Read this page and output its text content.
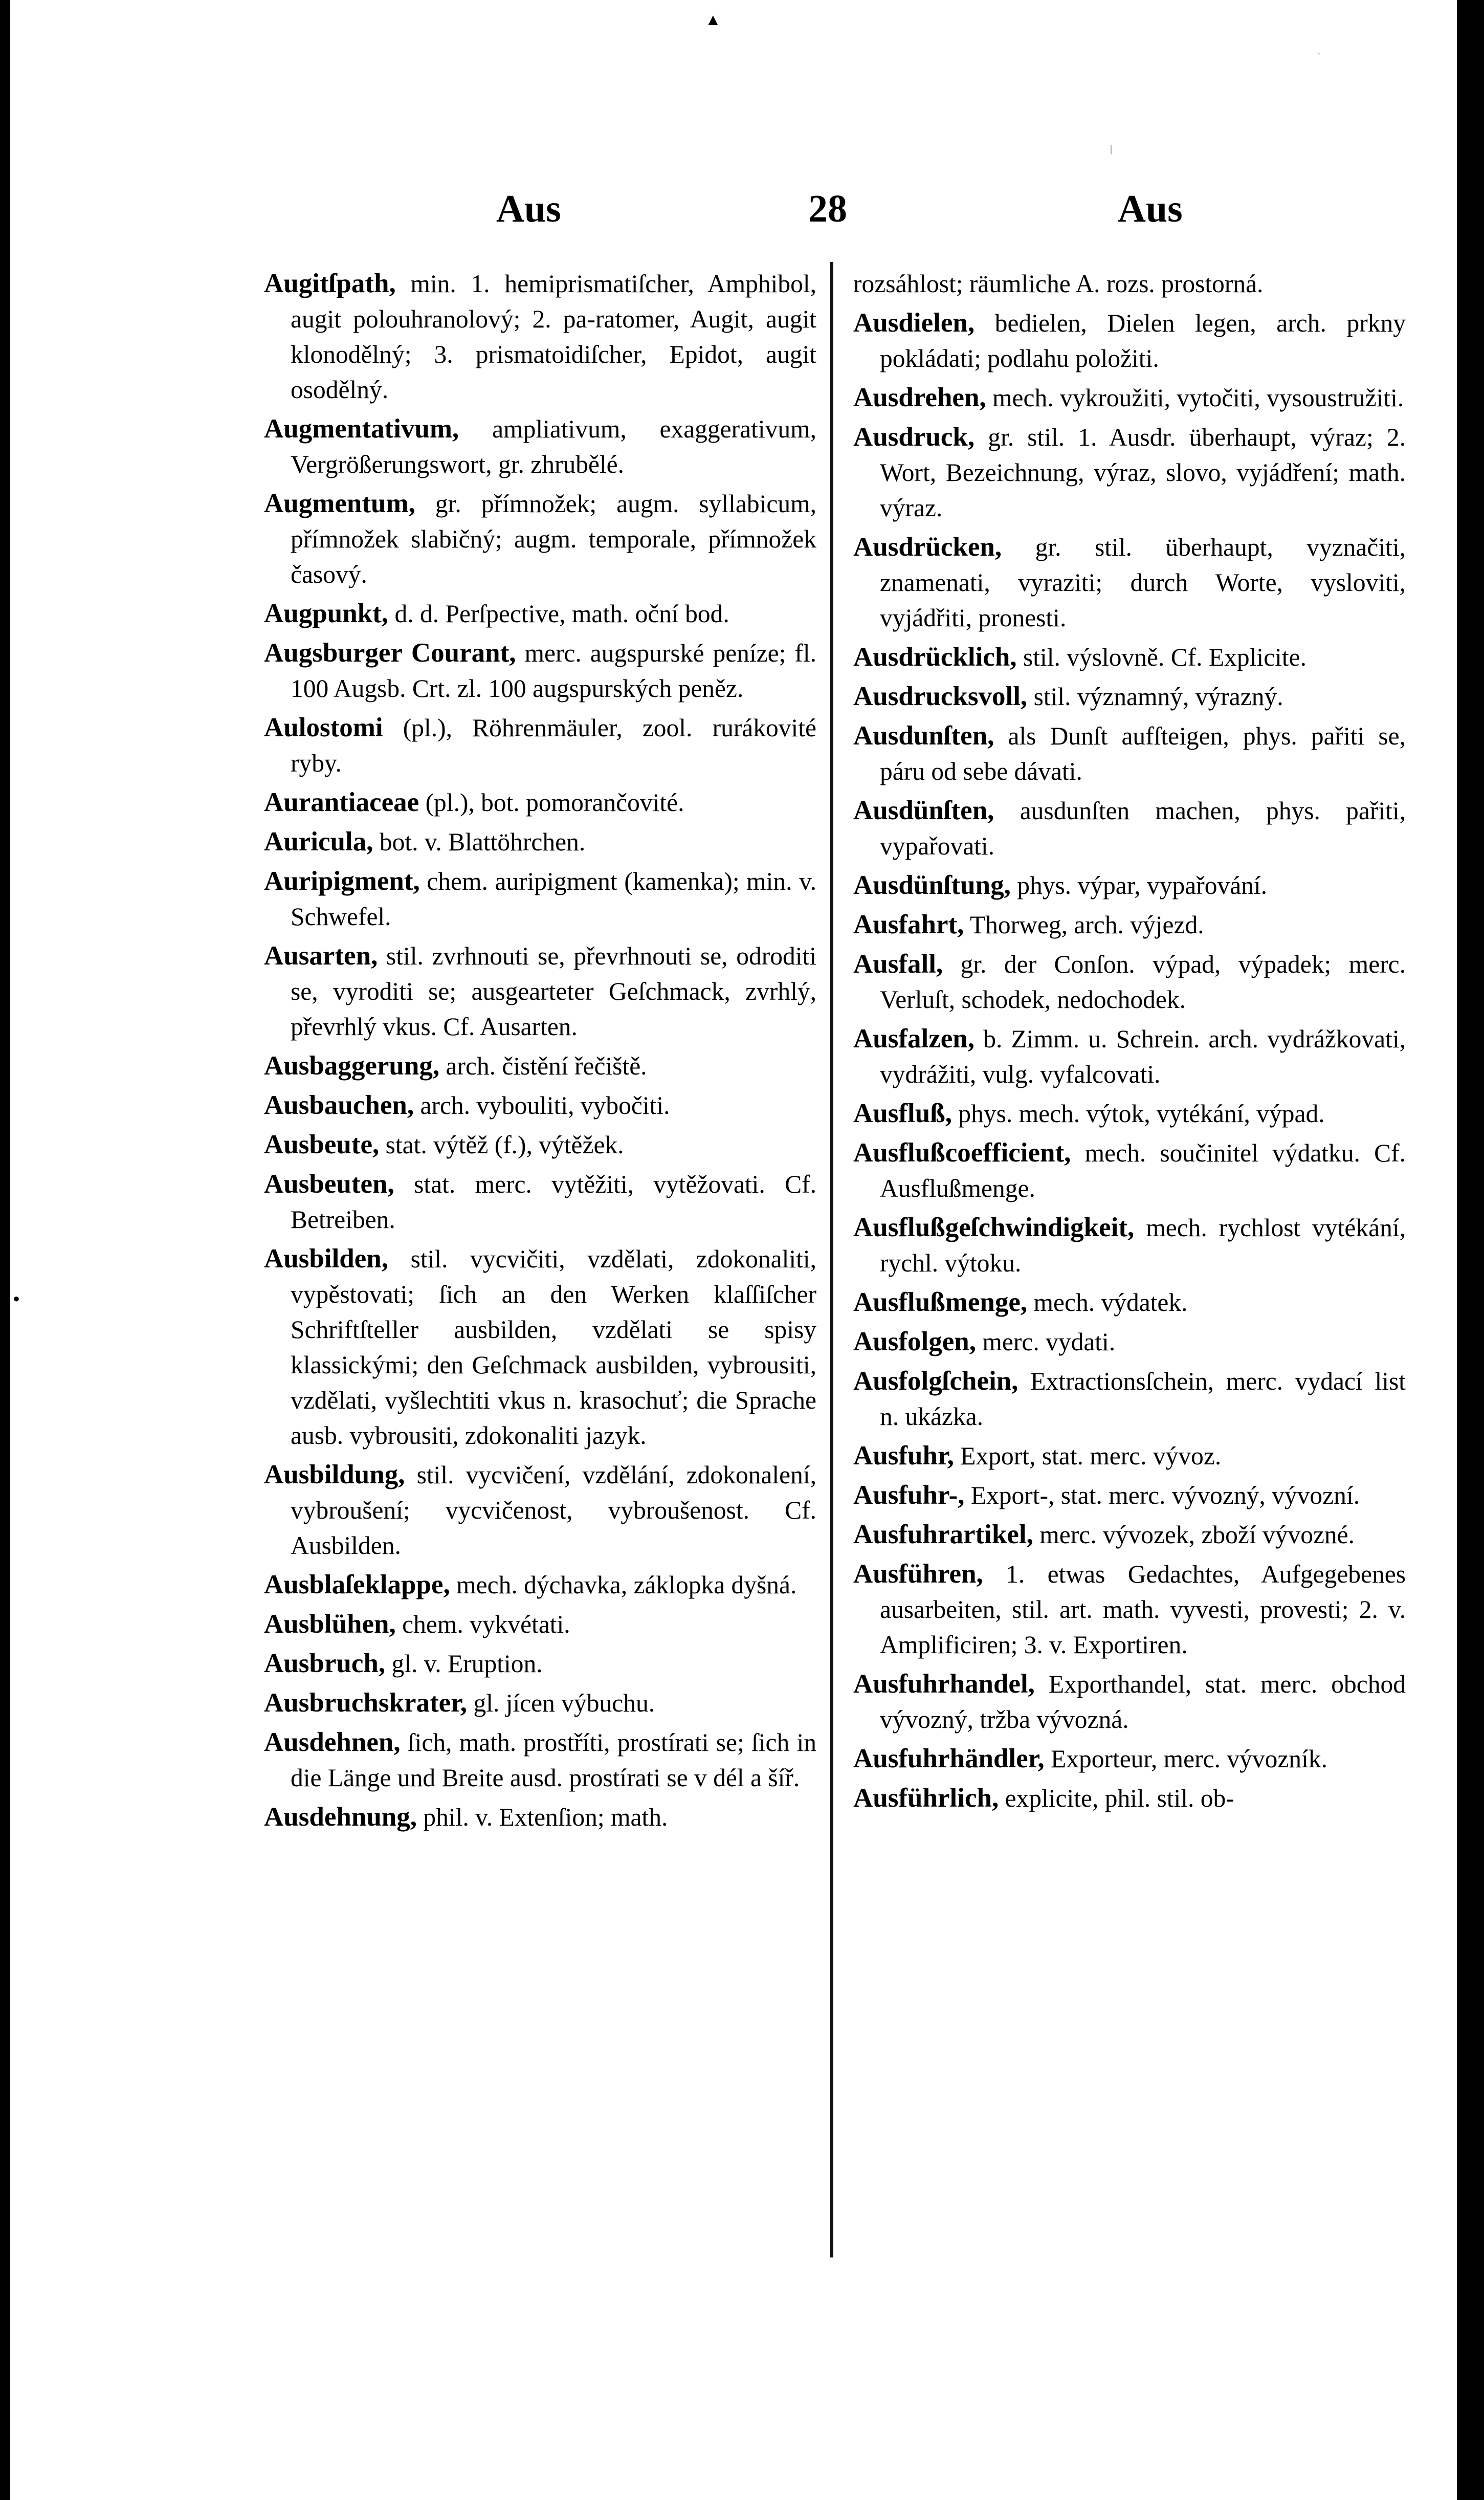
▲
·
|
Aus	28	Aus
•

Augitſpath, min. 1. hemiprismatiſcher, Amphibol, augit polouhranolový; 2. pa-ratomer, Augit, augit klonodělný; 3. prismatoidiſcher, Epidot, augit osodělný.

Augmentativum, ampliativum, exaggerativum, Vergrößerungswort, gr. zhrubělé.

Augmentum, gr. přímnožek; augm. syllabicum, přímnožek slabičný; augm. temporale, přímnožek časový.

Augpunkt, d. d. Perſpective, math. oční bod.

Augsburger Courant, merc. augspurské peníze; fl. 100 Augsb. Crt. zl. 100 augspurských peněz.

Aulostomi (pl.), Röhrenmäuler, zool. rurákovité ryby.

Aurantiaceae (pl.), bot. pomorančovité.

Auricula, bot. v. Blattöhrchen.

Auripigment, chem. auripigment (kamenka); min. v. Schwefel.

Ausarten, stil. zvrhnouti se, převrhnouti se, odroditi se, vyroditi se; ausgearteter Geſchmack, zvrhlý, převrhlý vkus. Cf. Ausarten.

Ausbaggerung, arch. čistění řečiště.

Ausbauchen, arch. vybouliti, vybočiti.

Ausbeute, stat. výtěž (f.), výtěžek.

Ausbeuten, stat. merc. vytěžiti, vytěžovati. Cf. Betreiben.

Ausbilden, stil. vycvičiti, vzdělati, zdokonaliti, vypěstovati; ſich an den Werken klaſſiſcher Schriftſteller ausbilden, vzdělati se spisy klassickými; den Geſchmack ausbilden, vybrousiti, vzdělati, vyšlechtiti vkus n. krasochuť; die Sprache ausb. vybrousiti, zdokonaliti jazyk.

Ausbildung, stil. vycvičení, vzdělání, zdokonalení, vybroušení; vycvičenost, vybroušenost. Cf. Ausbilden.

Ausblaſeklappe, mech. dýchavka, záklopka dyšná.

Ausblühen, chem. vykvétati.

Ausbruch, gl. v. Eruption.

Ausbruchskrater, gl. jícen výbuchu.

Ausdehnen, ſich, math. prostříti, prostírati se; ſich in die Länge und Breite ausd. prostírati se v dél a šíř.

Ausdehnung, phil. v. Extenſion; math.

rozsáhlost; räumliche A. rozs. prostorná.

Ausdielen, bedielen, Dielen legen, arch. prkny pokládati; podlahu položiti.

Ausdrehen, mech. vykroužiti, vytočiti, vysoustružiti.

Ausdruck, gr. stil. 1. Ausdr. überhaupt, výraz; 2. Wort, Bezeichnung, výraz, slovo, vyjádření; math. výraz.

Ausdrücken, gr. stil. überhaupt, vyznačiti, znamenati, vyraziti; durch Worte, vysloviti, vyjádřiti, pronesti.

Ausdrücklich, stil. výslovně. Cf. Explicite.

Ausdrucksvoll, stil. významný, výrazný.

Ausdunſten, als Dunſt aufſteigen, phys. pařiti se, páru od sebe dávati.

Ausdünſten, ausdunſten machen, phys. pařiti, vypařovati.

Ausdünſtung, phys. výpar, vypařování.

Ausfahrt, Thorweg, arch. výjezd.

Ausfall, gr. der Conſon. výpad, výpadek; merc. Verluſt, schodek, nedochodek.

Ausfalzen, b. Zimm. u. Schrein. arch. vydrážkovati, vydrážiti, vulg. vyfalcovati.

Ausfluß, phys. mech. výtok, vytékání, výpad.

Ausflußcoefficient, mech. součinitel výdatku. Cf. Ausflußmenge.

Ausflußgeſchwindigkeit, mech. rychlost vytékání, rychl. výtoku.

Ausflußmenge, mech. výdatek.

Ausfolgen, merc. vydati.

Ausfolgſchein, Extractionsſchein, merc. vydací list n. ukázka.

Ausfuhr, Export, stat. merc. vývoz.

Ausfuhr-, Export-, stat. merc. vývozný, vývozní.

Ausfuhrartikel, merc. vývozek, zboží vývozné.

Ausführen, 1. etwas Gedachtes, Aufgegebenes ausarbeiten, stil. art. math. vyvesti, provesti; 2. v. Amplificiren; 3. v. Exportiren.

Ausfuhrhandel, Exporthandel, stat. merc. obchod vývozný, tržba vývozná.

Ausfuhrhändler, Exporteur, merc. vývozník.

Ausführlich, explicite, phil. stil. ob-
